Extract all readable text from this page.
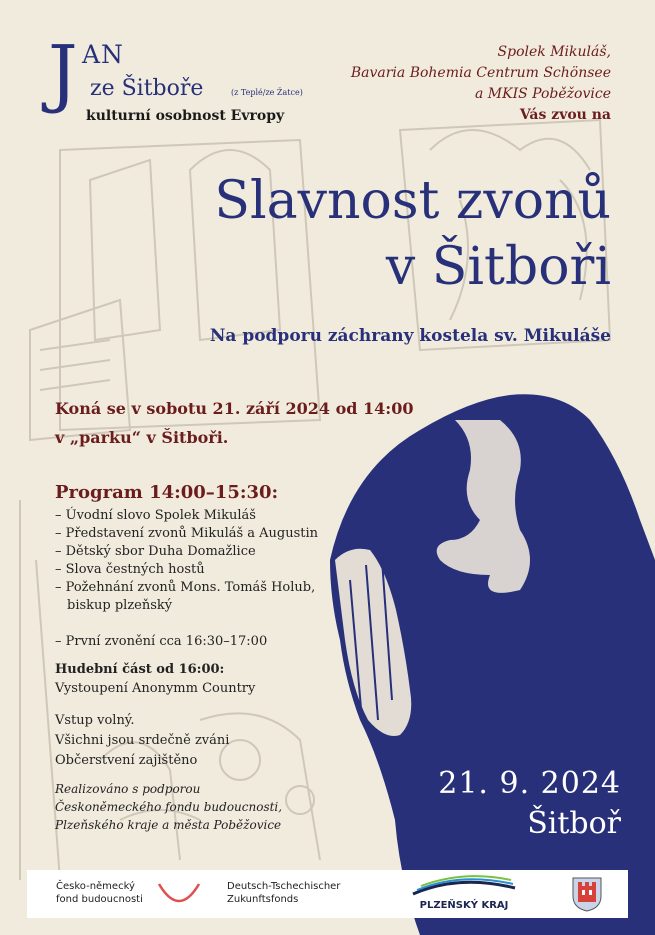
J AN
ze Šitboře	(z Teplé/ze Žatce)
kulturní osobnost Evropy
Spolek Mikuláš,
Bavaria Bohemia Centrum Schönsee
a MKIS Poběžovice
Vás zvou na
Slavnost zvonů
v Šitboři
Na podporu záchrany kostela sv. Mikuláše
Koná se v sobotu 21. září 2024 od 14:00
v „parku“ v Šitboři.
Program 14:00–15:30:
– Úvodní slovo Spolek Mikuláš
– Představení zvonů Mikuláš a Augustin
– Dětský sbor Duha Domažlice
– Slova čestných hostů
– Požehnání zvonů Mons. Tomáš Holub,
biskup plzeňský
– První zvonění cca 16:30–17:00
Hudební část od 16:00:
Vystoupení Anonymm Country
Vstup volný.
Všichni jsou srdečně zváni
Občerstvení zajištěno
Realizováno s podporou
Českoněmeckého fondu budoucnosti,
Plzeňského kraje a města Poběžovice
21. 9. 2024
Šitboř
Česko-německý
fond budoucnosti
Deutsch-Tschechischer
Zukunftsfonds
PLZEŇSKÝ KRAJ
